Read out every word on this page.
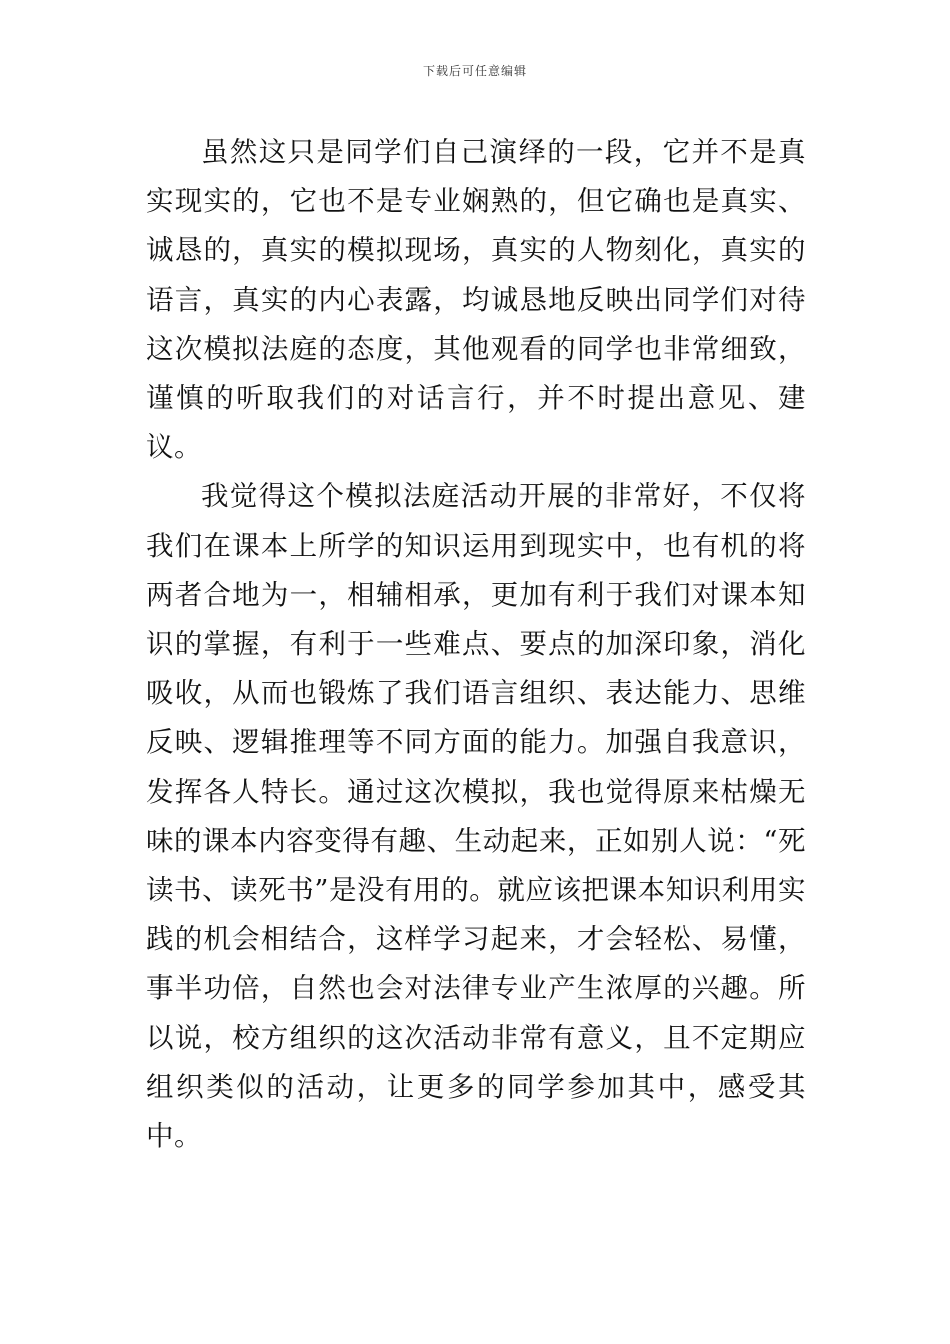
下载后可任意编辑

虽然这只是同学们自己演绎的一段，它并不是真实现实的，它也不是专业娴熟的，但它确也是真实、诚恳的，真实的模拟现场，真实的人物刻化，真实的语言，真实的内心表露，均诚恳地反映出同学们对待这次模拟法庭的态度，其他观看的同学也非常细致，谨慎的听取我们的对话言行，并不时提出意见、建议。

我觉得这个模拟法庭活动开展的非常好，不仅将我们在课本上所学的知识运用到现实中，也有机的将两者合地为一，相辅相承，更加有利于我们对课本知识的掌握，有利于一些难点、要点的加深印象，消化吸收，从而也锻炼了我们语言组织、表达能力、思维反映、逻辑推理等不同方面的能力。加强自我意识，发挥各人特长。通过这次模拟，我也觉得原来枯燥无味的课本内容变得有趣、生动起来，正如别人说：“死读书、读死书”是没有用的。就应该把课本知识利用实践的机会相结合，这样学习起来，才会轻松、易懂，事半功倍，自然也会对法律专业产生浓厚的兴趣。所以说，校方组织的这次活动非常有意义，且不定期应组织类似的活动，让更多的同学参加其中，感受其中。
